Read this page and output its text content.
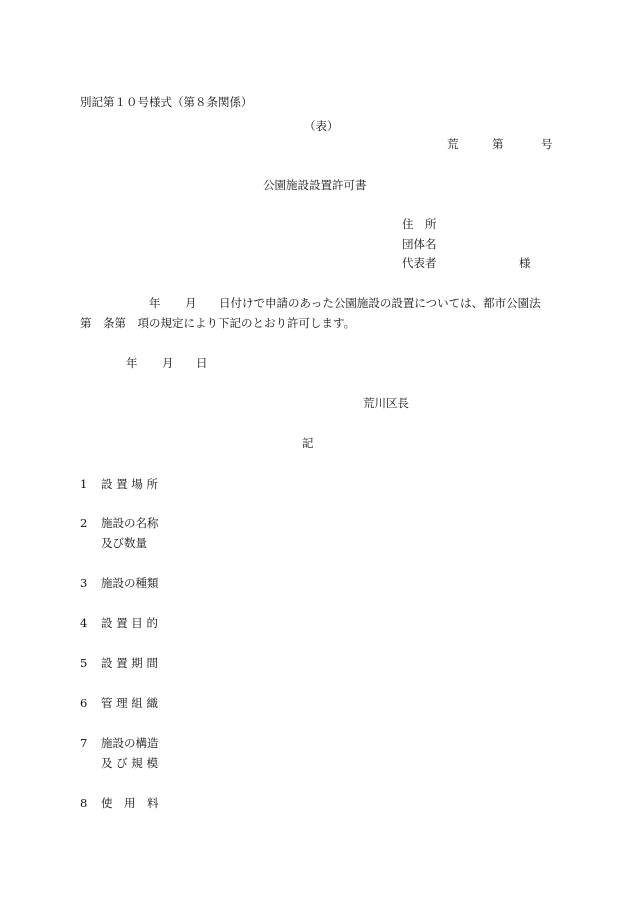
別記第１０号様式（第８条関係）
（表）
荒	第	号
公園施設設置許可書
住　所
団体名
代表者	様
年 月 日付けで申請のあった公園施設の設置については、都市公園法
第　条第　項の規定により下記のとおり許可します。
年 月 日
荒川区長
記
1 設 置 場 所
2 施設の名称
及び数量
3 施設の種類
4 設 置 目 的
5 設 置 期 間
6 管 理 組 織
7 施設の構造
及 び 規 模
8 使　用　料
